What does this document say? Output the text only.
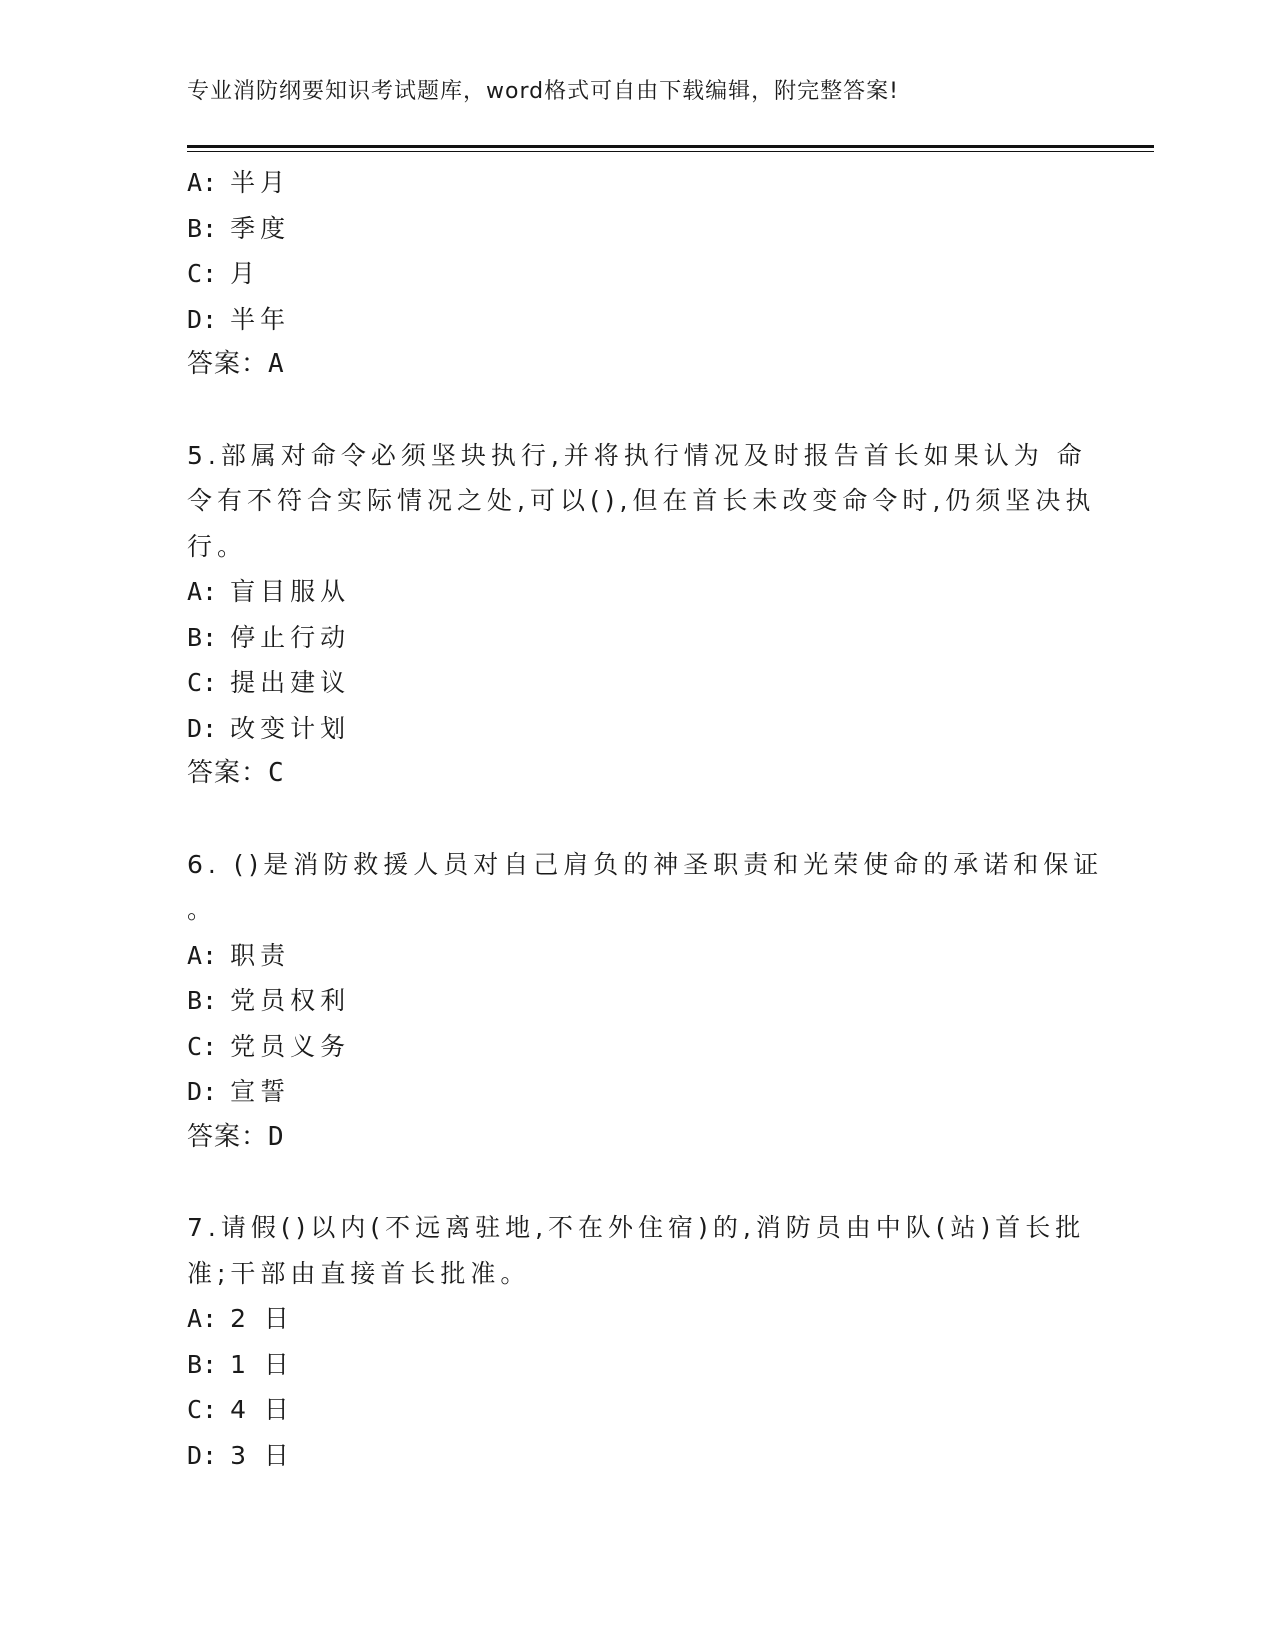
专业消防纲要知识考试题库，word格式可自由下载编辑，附完整答案!
A: 半月
B: 季度
C: 月
D: 半年
答案：A
5.部属对命令必须坚块执行,并将执行情况及时报告首长如果认为 命
令有不符合实际情况之处,可以(),但在首长未改变命令时,仍须坚决执
行。
A: 盲目服从
B: 停止行动
C: 提出建议
D: 改变计划
答案：C
6. ()是消防救援人员对自己肩负的神圣职责和光荣使命的承诺和保证
。
A: 职责
B: 党员权利
C: 党员义务
D: 宣誓
答案：D
7.请假()以内(不远离驻地,不在外住宿)的,消防员由中队(站)首长批
准;干部由直接首长批准。
A: 2 日
B: 1 日
C: 4 日
D: 3 日
